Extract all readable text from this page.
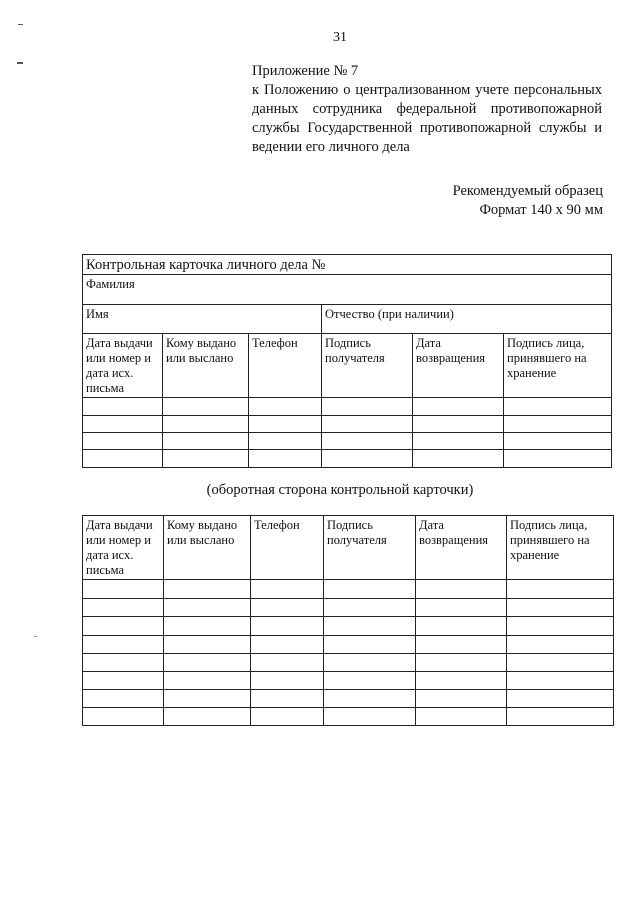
31

Приложение № 7

к Положению о централизованном учете персональных данных сотрудника федеральной противопожарной службы Государственной противопожарной службы и ведении его личного дела

Рекомендуемый образец
Формат 140 х 90 мм
Контрольная карточка личного дела №					
Фамилия					
Имя			Отчество (при наличии)		
Дата выдачи или номер и дата исх. письма	Кому выдано или выслано	Телефон	Подпись получателя	Дата возвращения	Подпись лица, принявшего на хранение

(оборотная сторона контрольной карточки)
Дата выдачи или номер и дата исх. письма	Кому выдано или выслано	Телефон	Подпись получателя	Дата возвращения	Подпись лица, принявшего на хранение
